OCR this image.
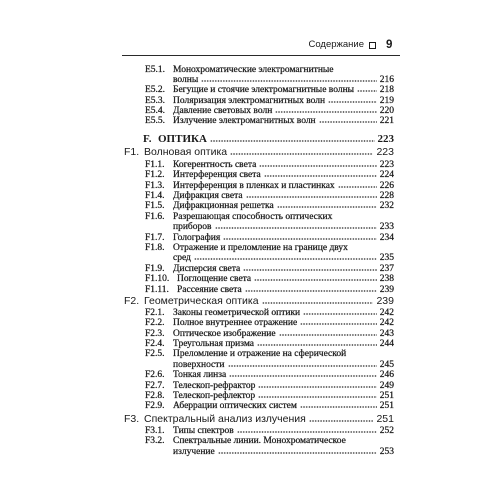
Содержание 9
E5.1. Монохроматические электромагнитные
волны	216
E5.2. Бегущие и стоячие электромагнитные волны	218
E5.3. Поляризация электромагнитных волн	219
E5.4. Давление световых волн	220
E5.5. Излучение электромагнитных волн	221
F. ОПТИКА	223
F1. Волновая оптика	223
F1.1. Когерентность света	223
F1.2. Интерференция света	224
F1.3. Интерференция в пленках и пластинках	226
F1.4. Дифракция света	228
F1.5. Дифракционная решетка	232
F1.6. Разрешающая способность оптических
приборов	233
F1.7. Голография	234
F1.8. Отражение и преломление на границе двух
сред	235
F1.9. Дисперсия света	237
F1.10. Поглощение света	238
F1.11. Рассеяние света	239
F2. Геометрическая оптика	239
F2.1. Законы геометрической оптики	242
F2.2. Полное внутреннее отражение	242
F2.3. Оптическое изображение	243
F2.4. Треугольная призма	244
F2.5. Преломление и отражение на сферической
поверхности	245
F2.6. Тонкая линза	246
F2.7. Телескоп-рефрактор	249
F2.8. Телескоп-рефлектор	251
F2.9. Аберрации оптических систем	251
F3. Спектральный анализ излучения	251
F3.1. Типы спектров	252
F3.2. Спектральные линии. Монохроматическое
излучение	253
